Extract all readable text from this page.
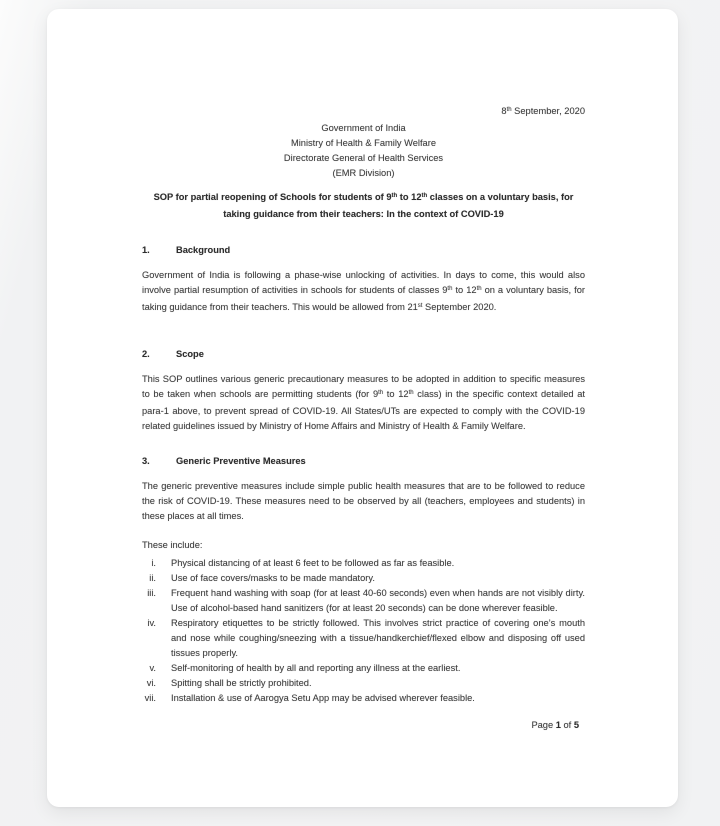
8th September, 2020
Government of India
Ministry of Health & Family Welfare
Directorate General of Health Services
(EMR Division)
SOP for partial reopening of Schools for students of 9th to 12th classes on a voluntary basis, for taking guidance from their teachers: In the context of COVID-19
1.	Background
Government of India is following a phase-wise unlocking of activities. In days to come, this would also involve partial resumption of activities in schools for students of classes 9th to 12th on a voluntary basis, for taking guidance from their teachers. This would be allowed from 21st September 2020.
2.	Scope
This SOP outlines various generic precautionary measures to be adopted in addition to specific measures to be taken when schools are permitting students (for 9th to 12th class) in the specific context detailed at para-1 above, to prevent spread of COVID-19. All States/UTs are expected to comply with the COVID-19 related guidelines issued by Ministry of Home Affairs and Ministry of Health & Family Welfare.
3.	Generic Preventive Measures
The generic preventive measures include simple public health measures that are to be followed to reduce the risk of COVID-19. These measures need to be observed by all (teachers, employees and students) in these places at all times.
These include:
i. Physical distancing of at least 6 feet to be followed as far as feasible.
ii. Use of face covers/masks to be made mandatory.
iii. Frequent hand washing with soap (for at least 40-60 seconds) even when hands are not visibly dirty. Use of alcohol-based hand sanitizers (for at least 20 seconds) can be done wherever feasible.
iv. Respiratory etiquettes to be strictly followed. This involves strict practice of covering one’s mouth and nose while coughing/sneezing with a tissue/handkerchief/flexed elbow and disposing off used tissues properly.
v. Self-monitoring of health by all and reporting any illness at the earliest.
vi. Spitting shall be strictly prohibited.
vii. Installation & use of Aarogya Setu App may be advised wherever feasible.
Page 1 of 5
